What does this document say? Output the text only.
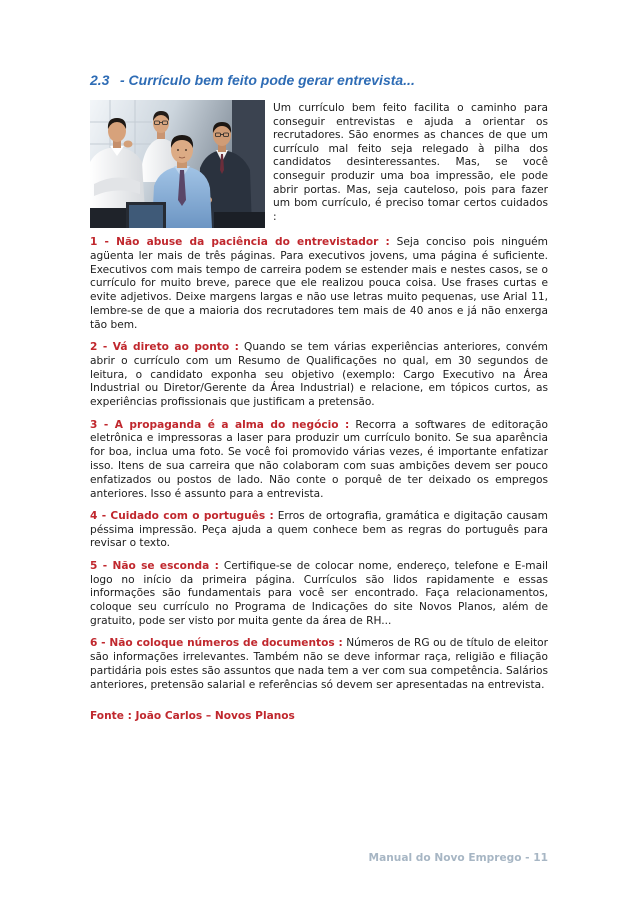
2.3 - Currículo bem feito pode gerar entrevista...

Um currículo bem feito facilita o caminho para conseguir entrevistas e ajuda a orientar os recrutadores. São enormes as chances de que um currículo mal feito seja relegado à pilha dos candidatos desinteressantes. Mas, se você conseguir produzir uma boa impressão, ele pode abrir portas. Mas, seja cauteloso, pois para fazer um bom currículo, é preciso tomar certos cuidados :

1 - Não abuse da paciência do entrevistador : Seja conciso pois ninguém agüenta ler mais de três páginas. Para executivos jovens, uma página é suficiente. Executivos com mais tempo de carreira podem se estender mais e nestes casos, se o currículo for muito breve, parece que ele realizou pouca coisa. Use frases curtas e evite adjetivos. Deixe margens largas e não use letras muito pequenas, use Arial 11, lembre-se de que a maioria dos recrutadores tem mais de 40 anos e já não enxerga tão bem.

2 - Vá direto ao ponto : Quando se tem várias experiências anteriores, convém abrir o currículo com um Resumo de Qualificações no qual, em 30 segundos de leitura, o candidato exponha seu objetivo (exemplo: Cargo Executivo na Área Industrial ou Diretor/Gerente da Área Industrial) e relacione, em tópicos curtos, as experiências profissionais que justificam a pretensão.

3 - A propaganda é a alma do negócio : Recorra a softwares de editoração eletrônica e impressoras a laser para produzir um currículo bonito. Se sua aparência for boa, inclua uma foto. Se você foi promovido várias vezes, é importante enfatizar isso. Itens de sua carreira que não colaboram com suas ambições devem ser pouco enfatizados ou postos de lado. Não conte o porquê de ter deixado os empregos anteriores. Isso é assunto para a entrevista.

4 - Cuidado com o português : Erros de ortografia, gramática e digitação causam péssima impressão. Peça ajuda a quem conhece bem as regras do português para revisar o texto.

5 - Não se esconda : Certifique-se de colocar nome, endereço, telefone e E-mail logo no início da primeira página. Currículos são lidos rapidamente e essas informações são fundamentais para você ser encontrado. Faça relacionamentos, coloque seu currículo no Programa de Indicações do site Novos Planos, além de gratuito, pode ser visto por muita gente da área de RH...

6 - Não coloque números de documentos : Números de RG ou de título de eleitor são informações irrelevantes. Também não se deve informar raça, religião e filiação partidária pois estes são assuntos que nada tem a ver com sua competência. Salários anteriores, pretensão salarial e referências só devem ser apresentadas na entrevista.

Fonte : João Carlos – Novos Planos

Manual do Novo Emprego - 11
